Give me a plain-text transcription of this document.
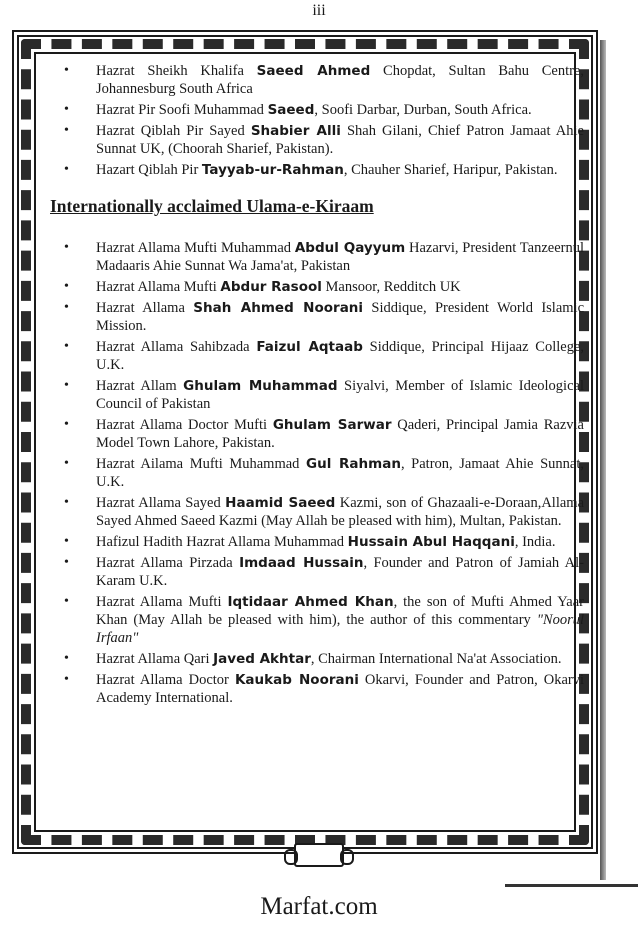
iii
• Hazrat Sheikh Khalifa Saeed Ahmed Chopdat, Sultan Bahu Centre, Johannesburg South Africa
• Hazrat Pir Soofi Muhammad Saeed, Soofi Darbar, Durban, South Africa.
• Hazrat Qiblah Pir Sayed Shabier Alli Shah Gilani, Chief Patron Jamaat Ahie Sunnat UK, (Choorah Sharief, Pakistan).
• Hazart Qiblah Pir Tayyab-ur-Rahman, Chauher Sharief, Haripur, Pakistan.
Internationally acclaimed Ulama-e-Kiraam
• Hazrat Allama Mufti Muhammad Abdul Qayyum Hazarvi, President Tanzeernul Madaaris Ahie Sunnat Wa Jama'at, Pakistan
• Hazrat Allama Mufti Abdur Rasool Mansoor, Redditch UK
• Hazrat Allama Shah Ahmed Noorani Siddique, President World Islamic Mission.
• Hazrat Allama Sahibzada Faizul Aqtaab Siddique, Principal Hijaaz College, U.K.
• Hazrat Allam Ghulam Muhammad Siyalvi, Member of Islamic Ideological Council of Pakistan
• Hazrat Allama Doctor Mufti Ghulam Sarwar Qaderi, Principal Jamia Razvia Model Town Lahore, Pakistan.
• Hazrat Ailama Mufti Muhammad Gul Rahman, Patron, Jamaat Ahie Sunnat, U.K.
• Hazrat Allama Sayed Haamid Saeed Kazmi, son of Ghazaali-e-Doraan,Allama Sayed Ahmed Saeed Kazmi (May Allah be pleased with him), Multan, Pakistan.
• Hafizul Hadith Hazrat Allama Muhammad Hussain Abul Haqqani, India.
• Hazrat Allama Pirzada Imdaad Hussain, Founder and Patron of Jamiah Al-Karam U.K.
• Hazrat Allama Mufti Iqtidaar Ahmed Khan, the son of Mufti Ahmed Yaar Khan (May Allah be pleased with him), the author of this commentary "Noorul Irfaan"
• Hazrat Allama Qari Javed Akhtar, Chairman International Na'at Association.
• Hazrat Allama Doctor Kaukab Noorani Okarvi, Founder and Patron, Okarvi Academy International.
Marfat.com
